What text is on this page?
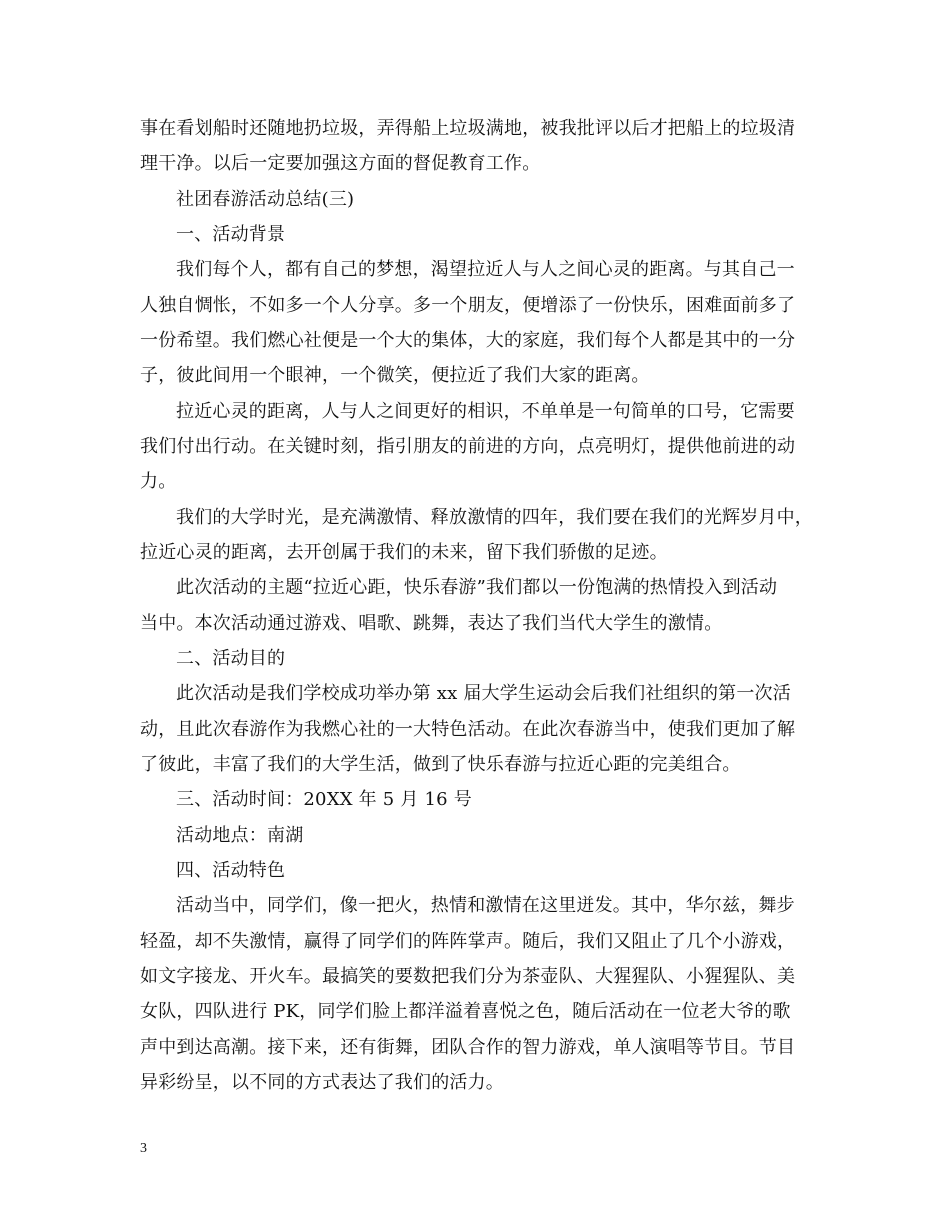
事在看划船时还随地扔垃圾，弄得船上垃圾满地，被我批评以后才把船上的垃圾清
理干净。以后一定要加强这方面的督促教育工作。
社团春游活动总结(三)
一、活动背景
我们每个人，都有自己的梦想，渴望拉近人与人之间心灵的距离。与其自己一
人独自惆怅，不如多一个人分享。多一个朋友，便增添了一份快乐，困难面前多了
一份希望。我们燃心社便是一个大的集体，大的家庭，我们每个人都是其中的一分
子，彼此间用一个眼神，一个微笑，便拉近了我们大家的距离。
拉近心灵的距离，人与人之间更好的相识，不单单是一句简单的口号，它需要
我们付出行动。在关键时刻，指引朋友的前进的方向，点亮明灯，提供他前进的动
力。
我们的大学时光，是充满激情、释放激情的四年，我们要在我们的光辉岁月中，
拉近心灵的距离，去开创属于我们的未来，留下我们骄傲的足迹。
此次活动的主题“拉近心距，快乐春游”我们都以一份饱满的热情投入到活动
当中。本次活动通过游戏、唱歌、跳舞，表达了我们当代大学生的激情。
二、活动目的
此次活动是我们学校成功举办第 xx 届大学生运动会后我们社组织的第一次活
动，且此次春游作为我燃心社的一大特色活动。在此次春游当中，使我们更加了解
了彼此，丰富了我们的大学生活，做到了快乐春游与拉近心距的完美组合。
三、活动时间：20XX 年 5 月 16 号
活动地点：南湖
四、活动特色
活动当中，同学们，像一把火，热情和激情在这里迸发。其中，华尔兹，舞步
轻盈，却不失激情，赢得了同学们的阵阵掌声。随后，我们又阻止了几个小游戏，
如文字接龙、开火车。最搞笑的要数把我们分为茶壶队、大猩猩队、小猩猩队、美
女队，四队进行 PK，同学们脸上都洋溢着喜悦之色，随后活动在一位老大爷的歌
声中到达高潮。接下来，还有街舞，团队合作的智力游戏，单人演唱等节目。节目
异彩纷呈，以不同的方式表达了我们的活力。
3
